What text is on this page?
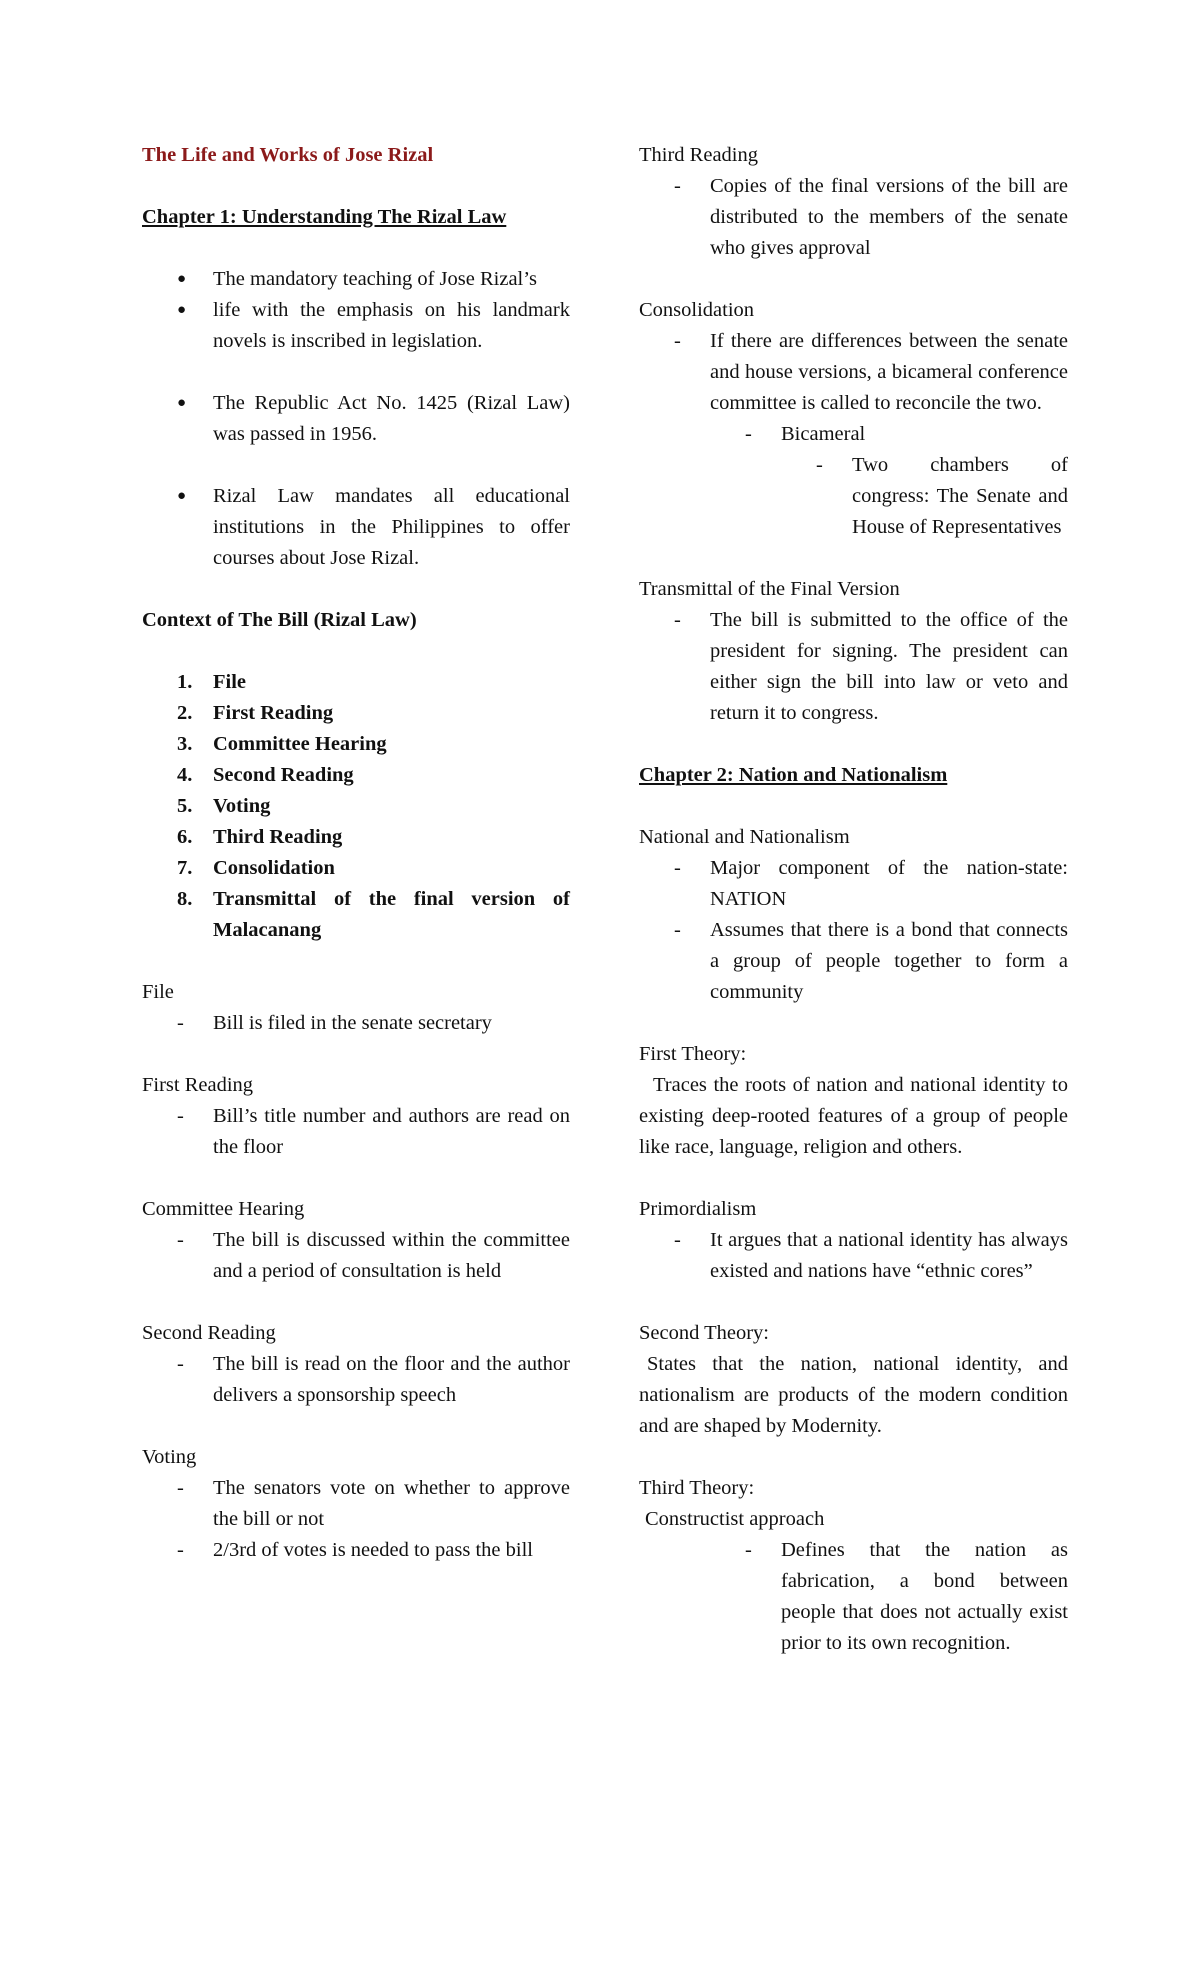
The Life and Works of Jose Rizal

Chapter 1: Understanding The Rizal Law

● The mandatory teaching of Jose Rizal’s
● life with the emphasis on his landmark novels is inscribed in legislation.
● The Republic Act No. 1425 (Rizal Law) was passed in 1956.
● Rizal Law mandates all educational institutions in the Philippines to offer courses about Jose Rizal.

Context of The Bill (Rizal Law)

1. File
2. First Reading
3. Committee Hearing
4. Second Reading
5. Voting
6. Third Reading
7. Consolidation
8. Transmittal of the final version of Malacanang

File

- Bill is filed in the senate secretary

First Reading

- Bill’s title number and authors are read on the floor

Committee Hearing

- The bill is discussed within the committee and a period of consultation is held

Second Reading

- The bill is read on the floor and the author delivers a sponsorship speech

Voting

- The senators vote on whether to approve the bill or not
- 2/3rd of votes is needed to pass the bill

Third Reading

- Copies of the final versions of the bill are distributed to the members of the senate who gives approval

Consolidation

- If there are differences between the senate and house versions, a bicameral conference committee is called to reconcile the two.
- Bicameral
- Two chambers of congress: The Senate and House of Representatives

Transmittal of the Final Version

- The bill is submitted to the office of the president for signing. The president can either sign the bill into law or veto and return it to congress.

Chapter 2: Nation and Nationalism

National and Nationalism

- Major component of the nation-state: NATION
- Assumes that there is a bond that connects a group of people together to form a community

First Theory:

Traces the roots of nation and national identity to existing deep-rooted features of a group of people like race, language, religion and others.

Primordialism

- It argues that a national identity has always existed and nations have “ethnic cores”

Second Theory:

States that the nation, national identity, and nationalism are products of the modern condition and are shaped by Modernity.

Third Theory:

Constructist approach

- Defines that the nation as fabrication, a bond between people that does not actually exist prior to its own recognition.
